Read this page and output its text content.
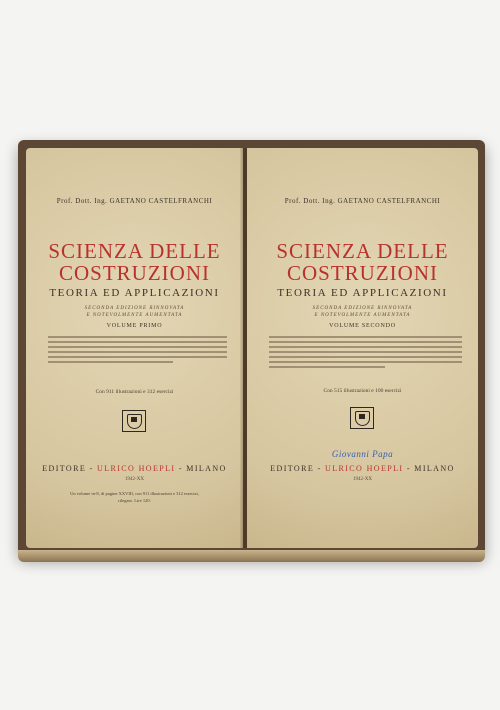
Prof. Dott. Ing. GAETANO CASTELFRANCHI
SCIENZA DELLE
COSTRUZIONI
TEORIA ED APPLICAZIONI
SECONDA EDIZIONE RINNOVATA
E NOTEVOLMENTE AUMENTATA
VOLUME PRIMO
Con 911 illustrazioni e 312 esercizi
EDITORE - ULRICO HOEPLI - MILANO
1942-XX
Un volume in-8, di pagine XXVIII, con 911 illustrazioni e 312 esercizi,
rilegato. Lire 120.
Prof. Dott. Ing. GAETANO CASTELFRANCHI
SCIENZA DELLE
COSTRUZIONI
TEORIA ED APPLICAZIONI
SECONDA EDIZIONE RINNOVATA
E NOTEVOLMENTE AUMENTATA
VOLUME SECONDO
Con 515 illustrazioni e 100 esercizi
Giovanni Papa
EDITORE - ULRICO HOEPLI - MILANO
1942-XX
